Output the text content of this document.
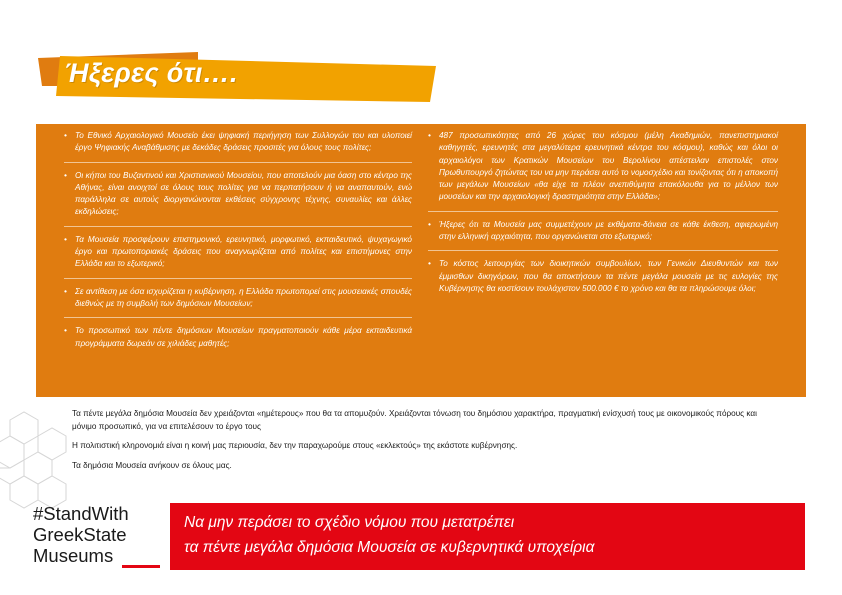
Ήξερες ότι….
• Το Εθνικό Αρχαιολογικό Μουσείο έκει ψηφιακή περιήγηση των Συλλογών του και υλοποιεί έργο Ψηφιακής Αναβάθμισης με δεκάδες δράσεις προσιτές για όλους τους πολίτες;
• Οι κήποι του Βυζαντινού και Χριστιανικού Μουσείου, που αποτελούν μια όαση στο κέντρο της Αθήνας, είναι ανοιχτοί σε όλους τους πολίτες για να περπατήσουν ή να αναπαυτούν, ενώ παράλληλα σε αυτούς διοργανώνονται εκθέσεις σύγχρονης τέχνης, συναυλίες και άλλες εκδηλώσεις;
• Τα Μουσεία προσφέρουν επιστημονικό, ερευνητικό, μορφωτικό, εκπαιδευτικό, ψυχαγωγικό έργο και πρωτοποριακές δράσεις που αναγνωρίζεται από πολίτες και επιστήμονες στην Ελλάδα και το εξωτερικό;
• Σε αντίθεση με όσα ισχυρίζεται η κυβέρνηση, η Ελλάδα πρωτοπορεί στις μουσειακές σπουδές διεθνώς με τη συμβολή των δημόσιων Μουσείων;
• Το προσωπικό των πέντε δημόσιων Μουσείων πραγματοποιούν κάθε μέρα εκπαιδευτικά προγράμματα δωρεάν σε χιλιάδες μαθητές;
• 487 προσωπικότητες από 26 χώρες του κόσμου (μέλη Ακαδημιών, πανεπιστημιακοί καθηγητές, ερευνητές στα μεγαλύτερα ερευνητικά κέντρα του κόσμου), καθώς και όλοι οι αρχαιολόγοι των Κρατικών Μουσείων του Βερολίνου απέστειλαν επιστολές στον Πρωθυπουργό ζητώντας του να μην περάσει αυτό το νομοσχέδιο και τονίζοντας ότι η αποκοπή των μεγάλων Μουσείων «θα είχε τα πλέον ανεπιθύμητα επακόλουθα για το μέλλον των μουσείων και την αρχαιολογική δραστηριότητα στην Ελλάδα»;
• Ήξερες ότι τα Μουσεία μας συμμετέχουν με εκθέματα-δάνεια σε κάθε έκθεση, αφιερωμένη στην ελληνική αρχαιότητα, που οργανώνεται στο εξωτερικό;
• Το κόστος λειτουργίας των διοικητικών συμβουλίων, των Γενικών Διευθυντών και των έμμισθων δικηγόρων, που θα αποκτήσουν τα πέντε μεγάλα μουσεία με τις ευλογίες της Κυβέρνησης θα κοστίσουν τουλάχιστον 500.000 € το χρόνο και θα τα πληρώσουμε όλοι;

Τα πέντε μεγάλα δημόσια Μουσεία δεν χρειάζονται «ημέτερους» που θα τα απομυζούν. Χρειάζονται τόνωση του δημόσιου χαρακτήρα, πραγματική ενίσχυσή τους με οικονομικούς πόρους και μόνιμο προσωπικό, για να επιτελέσουν το έργο τους

Η πολιτιστική κληρονομιά είναι η κοινή μας περιουσία, δεν την παραχωρούμε στους «εκλεκτούς» της εκάστοτε κυβέρνησης.

Τα δημόσια Μουσεία ανήκουν σε όλους μας.

#StandWith
GreekState
Museums
Να μην περάσει το σχέδιο νόμου που μετατρέπει
τα πέντε μεγάλα δημόσια Μουσεία σε κυβερνητικά υποχείρια
